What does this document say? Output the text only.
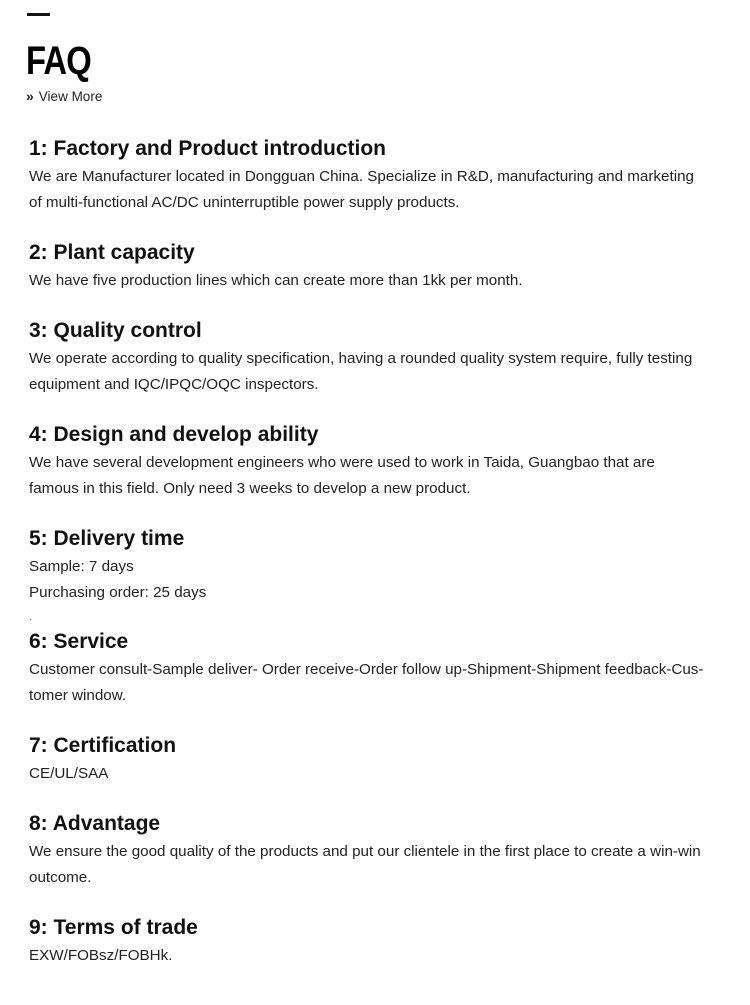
FAQ
» View More
1: Factory and Product introduction

We are Manufacturer located in Dongguan China. Specialize in R&D, manufacturing and marketing
of multi-functional AC/DC uninterruptible power supply products.

2: Plant capacity

We have five production lines which can create more than 1kk per month.

3: Quality control

We operate according to quality specification, having a rounded quality system require, fully testing
equipment and IQC/IPQC/OQC inspectors.

4: Design and develop ability

We have several development engineers who were used to work in Taida, Guangbao that are
famous in this field. Only need 3 weeks to develop a new product.

5: Delivery time

Sample: 7 days
Purchasing order: 25 days

.
6: Service

Customer consult-Sample deliver- Order receive-Order follow up-Shipment-Shipment feedback-Cus-
tomer window.

7: Certification

CE/UL/SAA

8: Advantage

We ensure the good quality of the products and put our clientele in the first place to create a win-win
outcome.

9: Terms of trade

EXW/FOBsz/FOBHk.
